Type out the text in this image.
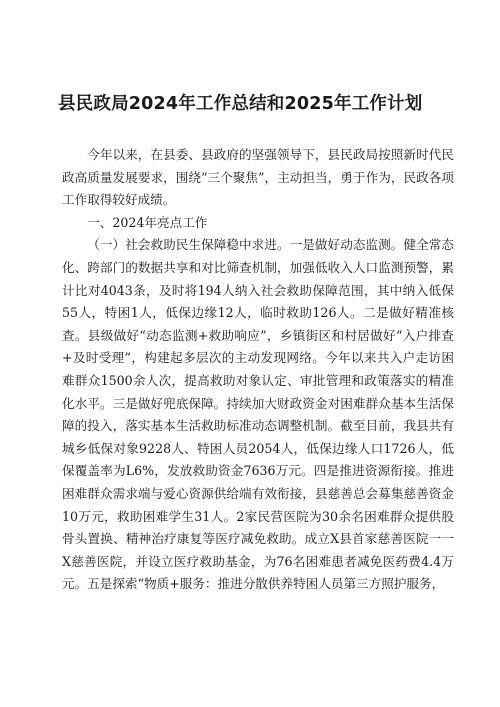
县民政局2024年工作总结和2025年工作计划

今年以来，在县委、县政府的坚强领导下，县民政局按照新时代民政高质量发展要求，围绕“三个聚焦”，主动担当，勇于作为，民政各项工作取得较好成绩。

一、2024年亮点工作

（一）社会救助民生保障稳中求进。一是做好动态监测。健全常态化、跨部门的数据共享和对比筛查机制，加强低收入人口监测预警，累计比对4043条，及时将194人纳入社会救助保障范围，其中纳入低保55人，特困1人，低保边缘12人，临时救助126人。二是做好精准核查。县级做好“动态监测+救助响应”，乡镇街区和村居做好“入户排查+及时受理”，构建起多层次的主动发现网络。今年以来共入户走访困难群众1500余人次，提高救助对象认定、审批管理和政策落实的精准化水平。三是做好兜底保障。持续加大财政资金对困难群众基本生活保障的投入，落实基本生活救助标准动态调整机制。截至目前，我县共有城乡低保对象9228人、特困人员2054人，低保边缘人口1726人，低保覆盖率为L6%，发放救助资金7636万元。四是推进资源衔接。推进困难群众需求端与爱心资源供给端有效衔接，县慈善总会募集慈善资金10万元，救助困难学生31人。2家民营医院为30余名困难群众提供股骨头置换、精神治疗康复等医疗减免救助。成立X县首家慈善医院一一X慈善医院，并设立医疗救助基金，为76名困难患者减免医药费4.4万元。五是探索“物质+服务：推进分散供养特困人员第三方照护服务，
